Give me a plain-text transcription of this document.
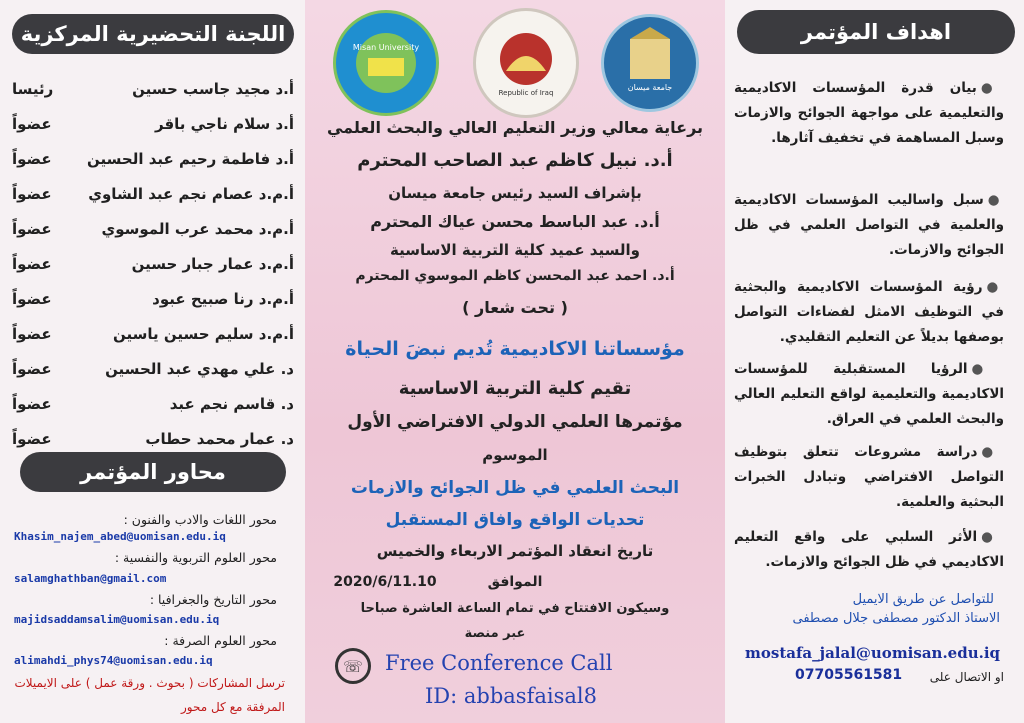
اللجنة التحضيرية المركزية
رئيسا	أ.د مجيد جاسب حسين
عضواً	أ.د سلام ناجي باقر
عضواً أ.د فاطمة رحيم عبد الحسين
عضواً أ.م.د عصام نجم عبد الشاوي
عضواً	أ.م.د محمد عرب الموسوي
عضواً	أ.م.د عمار جبار حسين
عضواً	أ.م.د رنا صبيح عبود
عضواً	أ.م.د سليم حسين ياسين
عضواً	د. علي مهدي عبد الحسين
عضواً	د. قاسم نجم عبد
عضواً	د. عمار محمد حطاب
محاور المؤتمر
محور اللغات والادب والفنون :
Khasim_najem_abed@uomisan.edu.iq
محور العلوم التربوية والنفسية :
salamghathban@gmail.com
محور التاريخ والجغرافيا :
majidsaddamsalim@uomisan.edu.iq
محور العلوم الصرفة :
alimahdi_phys74@uomisan.edu.iq
ترسل المشاركات ( بحوث . ورقة عمل ) على الايميلات
المرفقة مع كل محور
Misan University
Republic of Iraq
جامعة ميسان
برعاية معالي وزير التعليم العالي والبحث العلمي
أ.د. نبيل كاظم عبد الصاحب المحترم
بإشراف السيد رئيس جامعة ميسان
أ.د. عبد الباسط محسن عياك المحترم
والسيد عميد كلية التربية الاساسية
أ.د. احمد عبد المحسن كاظم الموسوي المحترم
( تحت شعار )
مؤسساتنا الاكاديمية تُديم نبضَ الحياة
تقيم كلية التربية الاساسية
مؤتمرها العلمي الدولي الافتراضي الأول
الموسوم
البحث العلمي في ظل الجوائح والازمات
تحديات الواقع وافاق المستقبل
تاريخ انعقاد المؤتمر الاربعاء والخميس
الموافق
2020/6/11.10
وسيكون الافتتاح في تمام الساعة العاشرة صباحا
عبر منصة
☏	Free Conference Call
ID: abbasfaisal8
اهداف المؤتمر
●بيان قدرة المؤسسات الاكاديمية والتعليمية على مواجهة الجوائح والازمات وسبل المساهمة في تخفيف آثارها.
●سبل واساليب المؤسسات الاكاديمية والعلمية في التواصل العلمي في ظل الجوائح والازمات.
●رؤية المؤسسات الاكاديمية والبحثية في التوظيف الامثل لفضاءات التواصل بوصفها بديلاً عن التعليم التقليدي.
●الرؤيا المستقبلية للمؤسسات الاكاديمية والتعليمية لواقع التعليم العالي والبحث العلمي في العراق.
●دراسة مشروعات تتعلق بتوظيف التواصل الافتراضي وتبادل الخبرات البحثية والعلمية.
●الأثر السلبي على واقع التعليم الاكاديمي في ظل الجوائح والازمات.
للتواصل عن طريق الايميل
الاستاذ الدكتور مصطفى جلال مصطفى
mostafa_jalal@uomisan.edu.iq
او الاتصال على
07705561581
